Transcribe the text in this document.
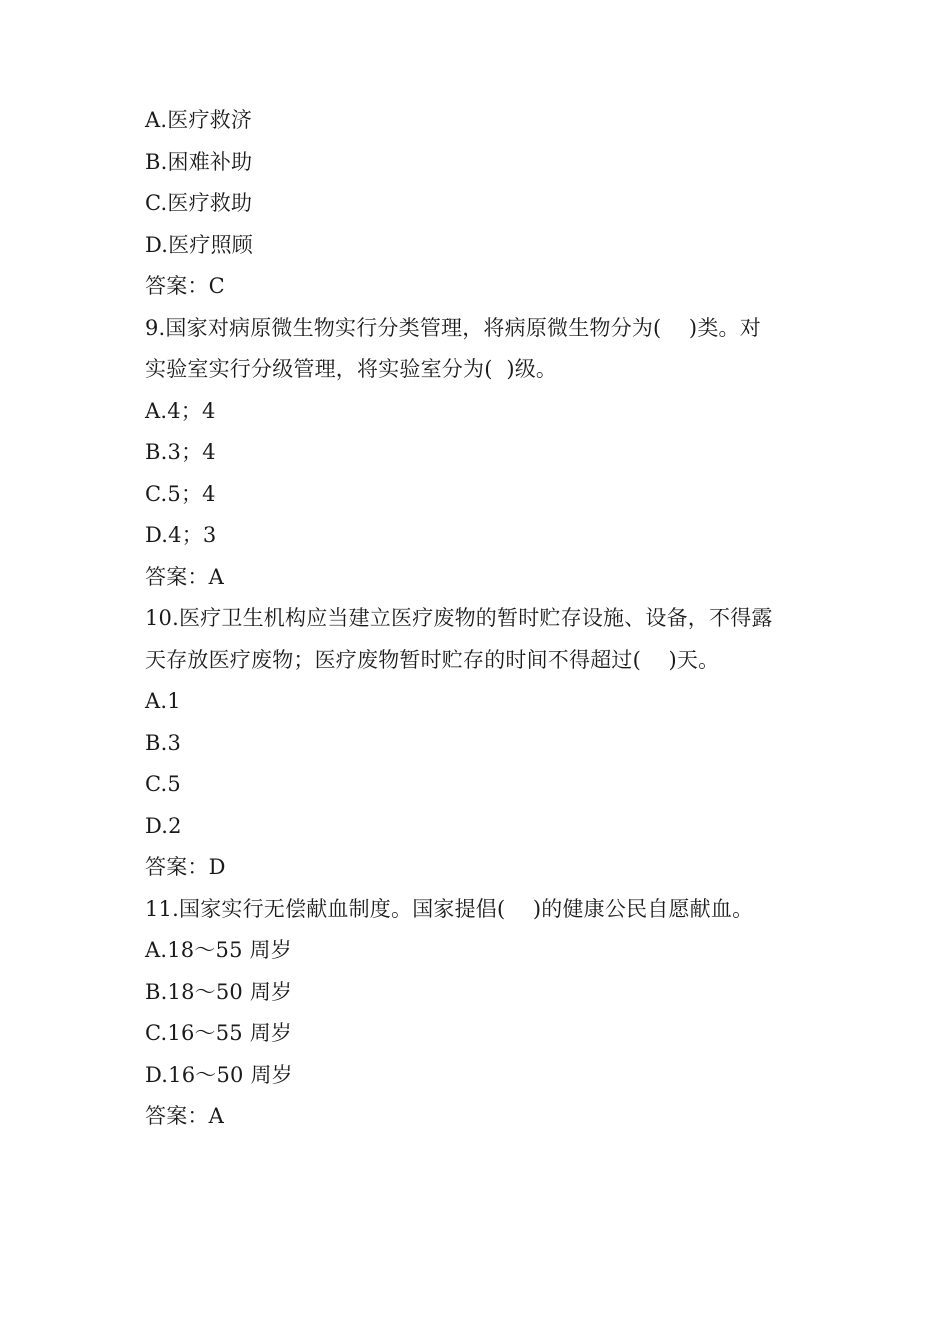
A.医疗救济
B.困难补助
C.医疗救助
D.医疗照顾
答案：C
9.国家对病原微生物实行分类管理，将病原微生物分为(    )类。对
实验室实行分级管理，将实验室分为(  )级。
A.4；4
B.3；4
C.5；4
D.4；3
答案：A
10.医疗卫生机构应当建立医疗废物的暂时贮存设施、设备，不得露
天存放医疗废物；医疗废物暂时贮存的时间不得超过(    )天。
A.1
B.3
C.5
D.2
答案：D
11.国家实行无偿献血制度。国家提倡(    )的健康公民自愿献血。
A.18～55 周岁
B.18～50 周岁
C.16～55 周岁
D.16～50 周岁
答案：A
